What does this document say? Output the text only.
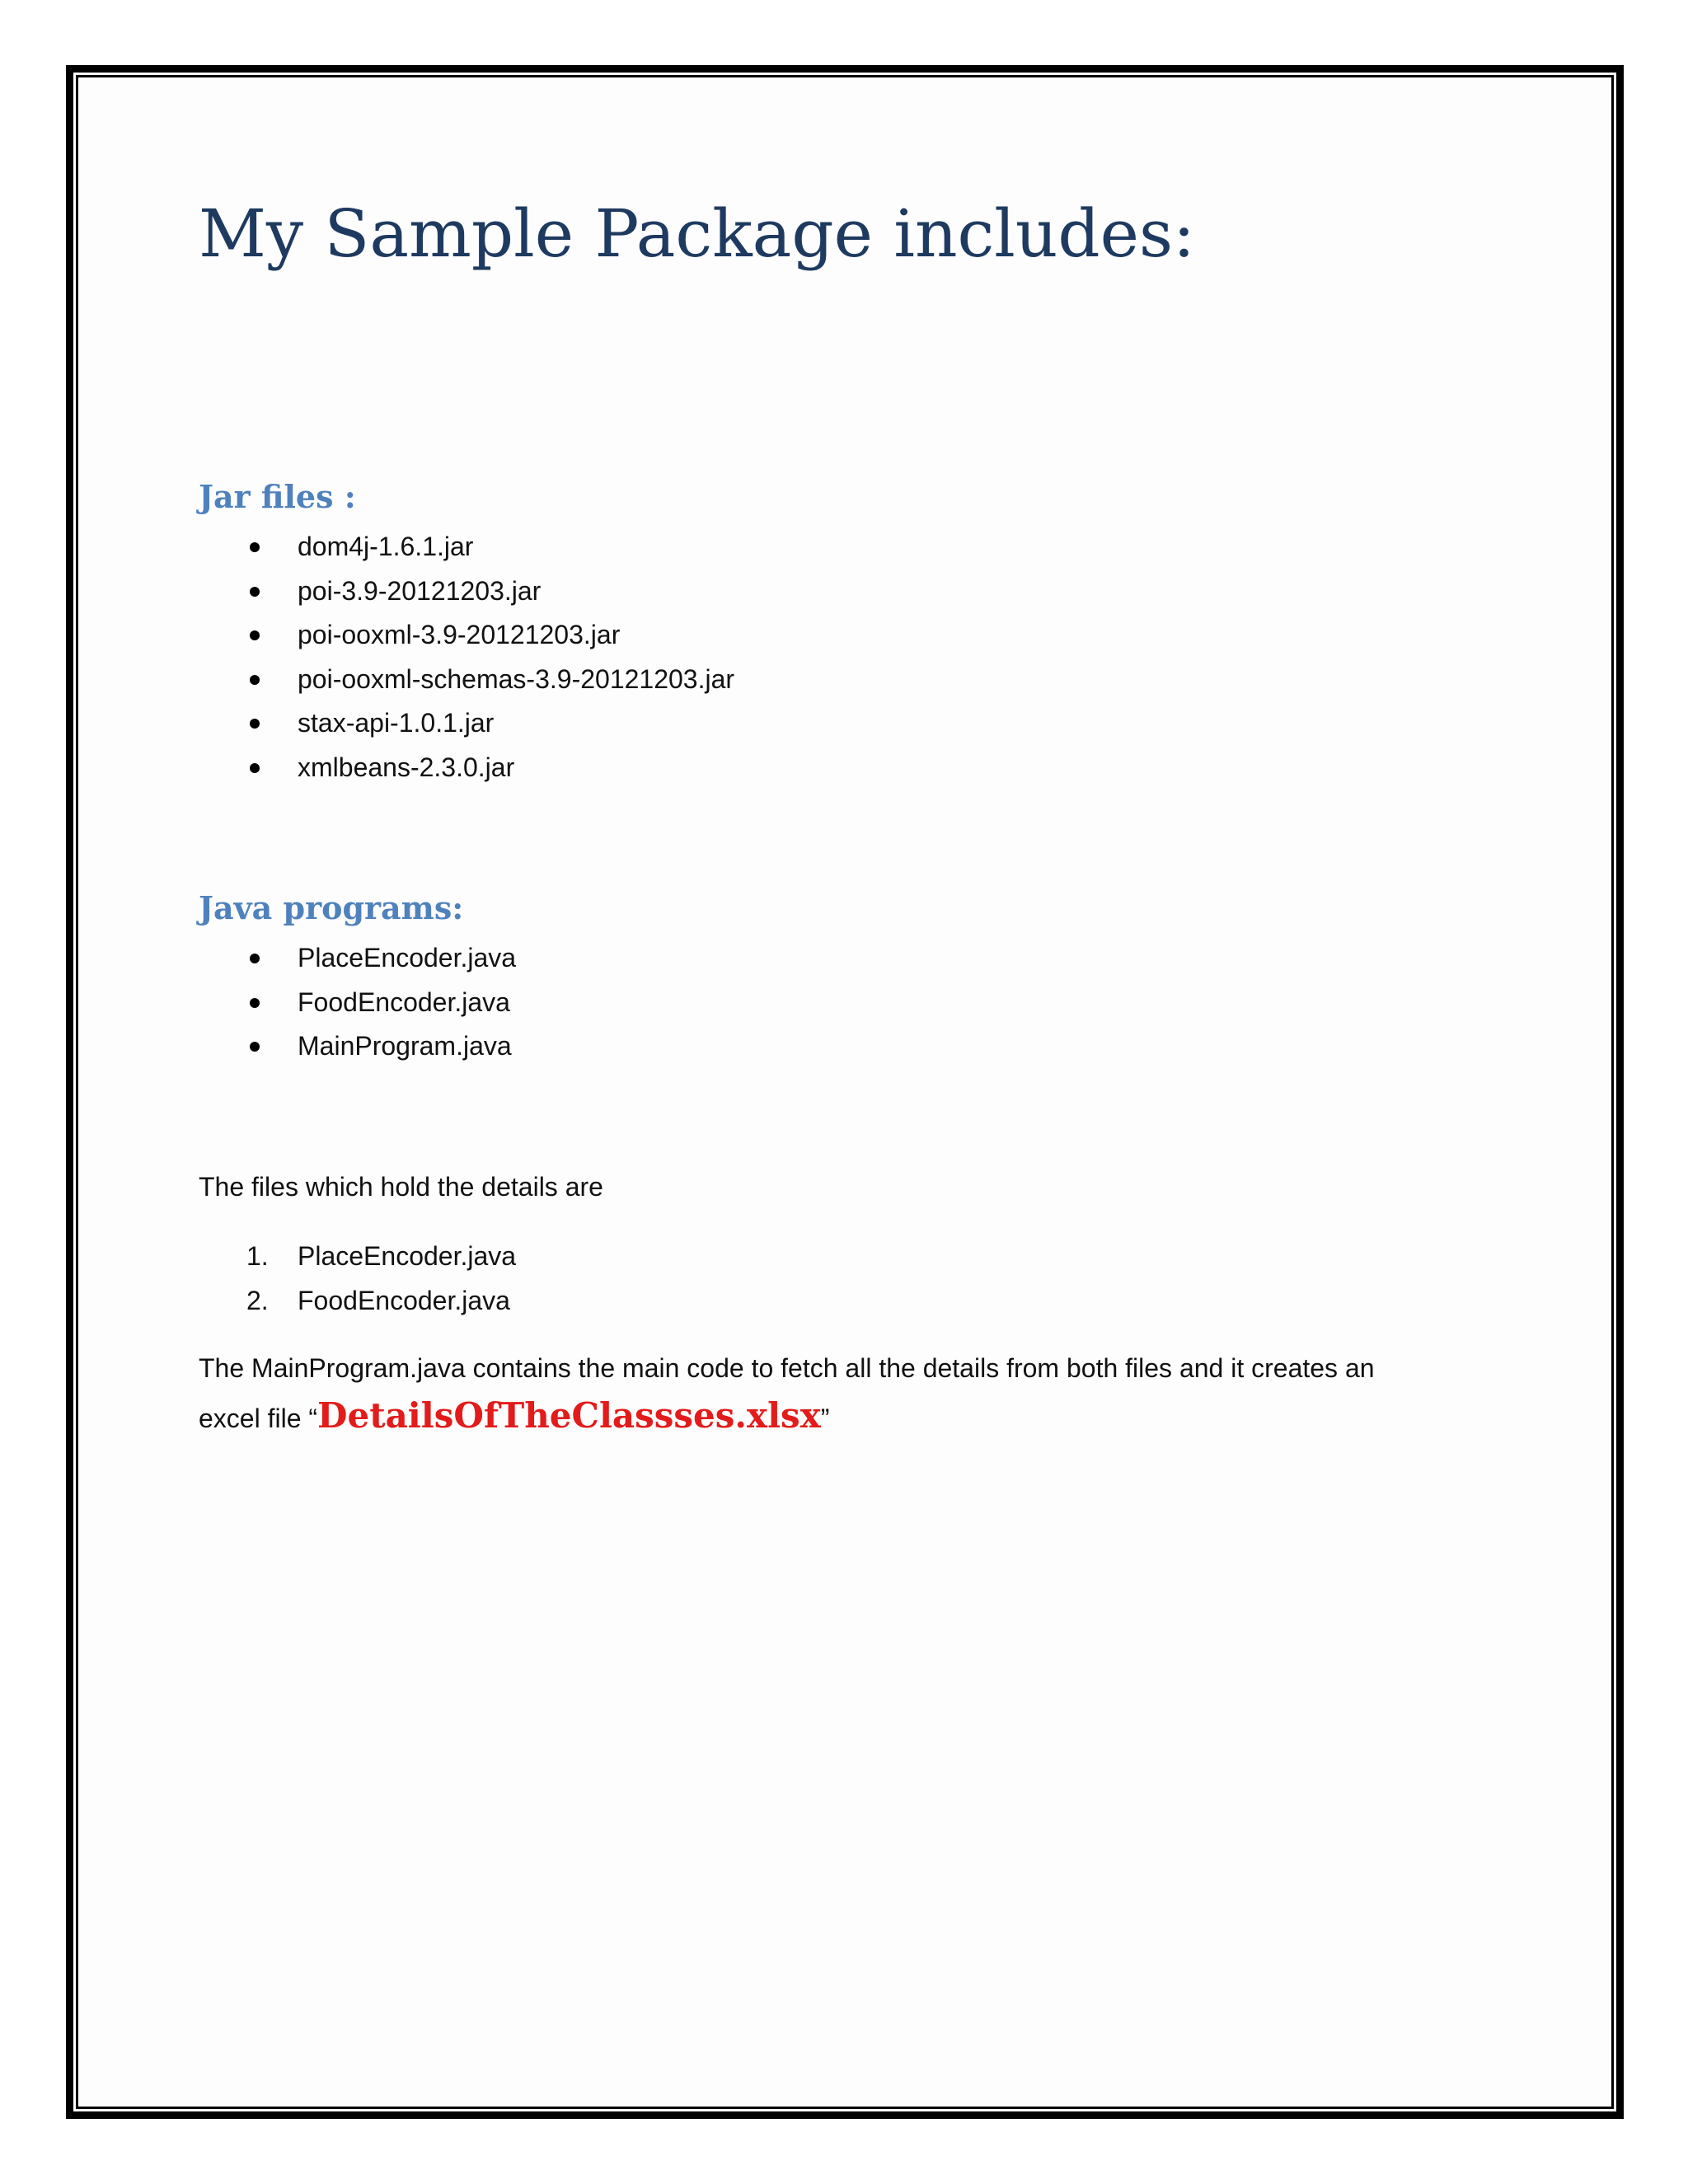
My Sample Package includes:
Jar files :
dom4j-1.6.1.jar
poi-3.9-20121203.jar
poi-ooxml-3.9-20121203.jar
poi-ooxml-schemas-3.9-20121203.jar
stax-api-1.0.1.jar
xmlbeans-2.3.0.jar
Java programs:
PlaceEncoder.java
FoodEncoder.java
MainProgram.java

The files which hold the details are

1. PlaceEncoder.java
2. FoodEncoder.java

The MainProgram.java contains the main code to fetch all the details from both files and it creates an

excel file “DetailsOfTheClassses.xlsx”
